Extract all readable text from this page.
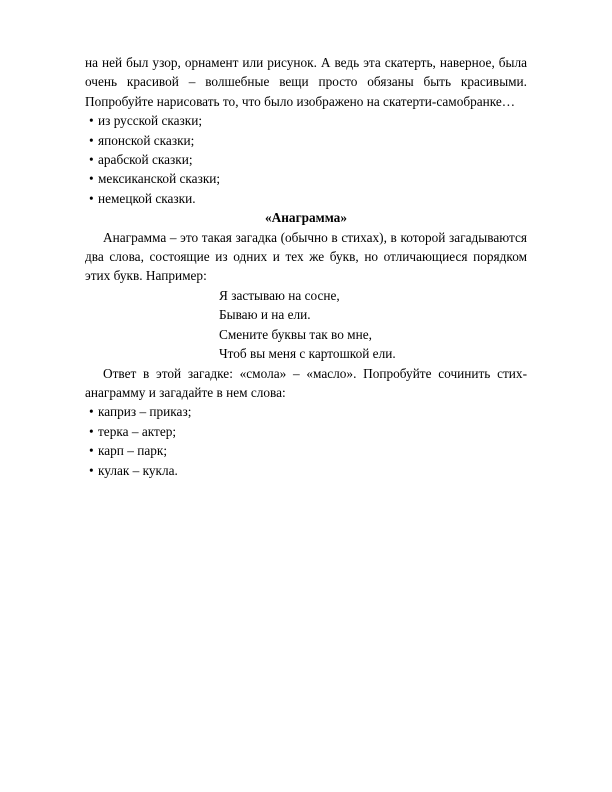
на ней был узор, орнамент или рисунок. А ведь эта скатерть, наверное, была очень красивой – волшебные вещи просто обязаны быть красивыми. Попробуйте нарисовать то, что было изображено на скатерти-самобранке…

• из русской сказки;
• японской сказки;
• арабской сказки;
• мексиканской сказки;
• немецкой сказки.

«Анаграмма»

Анаграмма – это такая загадка (обычно в стихах), в которой загадываются два слова, состоящие из одних и тех же букв, но отличающиеся порядком этих букв. Например:

Я застываю на сосне,
Бываю и на ели.
Смените буквы так во мне,
Чтоб вы меня с картошкой ели.

Ответ в этой загадке: «смола» – «масло». Попробуйте сочинить стих- анаграмму и загадайте в нем слова:

• каприз – приказ;
• терка – актер;
• карп – парк;
• кулак – кукла.
